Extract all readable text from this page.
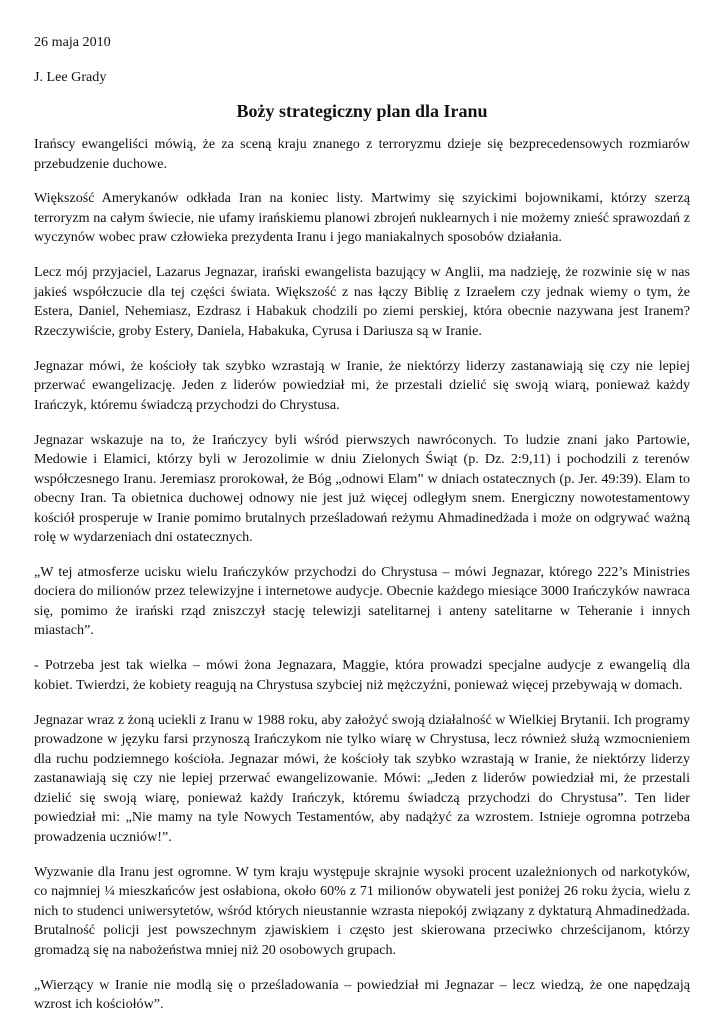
26 maja 2010

J. Lee Grady

Boży strategiczny plan dla Iranu

Irańscy ewangeliści mówią, że za sceną kraju znanego z terroryzmu dzieje się bezprecedensowych rozmiarów przebudzenie duchowe.

Większość Amerykanów odkłada Iran na koniec listy. Martwimy się szyickimi bojownikami, którzy szerzą terroryzm na całym świecie, nie ufamy irańskiemu planowi zbrojeń nuklearnych i nie możemy znieść sprawozdań z wyczynów wobec praw człowieka prezydenta Iranu i jego maniakalnych sposobów działania.

Lecz mój przyjaciel, Lazarus Jegnazar, irański ewangelista bazujący w Anglii, ma nadzieję, że rozwinie się w nas jakieś współczucie dla tej części świata. Większość z nas łączy Biblię z Izraelem czy jednak wiemy o tym, że Estera, Daniel, Nehemiasz, Ezdrasz i Habakuk chodzili po ziemi perskiej, która obecnie nazywana jest Iranem? Rzeczywiście, groby Estery, Daniela, Habakuka, Cyrusa i Dariusza są w Iranie.

Jegnazar mówi, że kościoły tak szybko wzrastają w Iranie, że niektórzy liderzy zastanawiają się czy nie lepiej przerwać ewangelizację. Jeden z liderów powiedział mi, że przestali dzielić się swoją wiarą, ponieważ każdy Irańczyk, któremu świadczą przychodzi do Chrystusa.

Jegnazar wskazuje na to, że Irańczycy byli wśród pierwszych nawróconych. To ludzie znani jako Partowie, Medowie i Elamici, którzy byli w Jerozolimie w dniu Zielonych Świąt (p. Dz. 2:9,11) i pochodzili z terenów współczesnego Iranu. Jeremiasz prorokował, że Bóg „odnowi Elam” w dniach ostatecznych (p. Jer. 49:39). Elam to obecny Iran. Ta obietnica duchowej odnowy nie jest już więcej odległym snem. Energiczny nowotestamentowy kościół prosperuje w Iranie pomimo brutalnych prześladowań reżymu Ahmadinedżada i może on odgrywać ważną rolę w wydarzeniach dni ostatecznych.

„W tej atmosferze ucisku wielu Irańczyków przychodzi do Chrystusa – mówi Jegnazar, którego 222’s Ministries dociera do milionów przez telewizyjne i internetowe audycje. Obecnie każdego miesiące 3000 Irańczyków nawraca się, pomimo że irański rząd zniszczył stację telewizji satelitarnej i anteny satelitarne w Teheranie i innych miastach”.

- Potrzeba jest tak wielka – mówi żona Jegnazara, Maggie, która prowadzi specjalne audycje z ewangelią dla kobiet. Twierdzi, że kobiety reagują na Chrystusa szybciej niż mężczyźni, ponieważ więcej przebywają w domach.

Jegnazar wraz z żoną uciekli z Iranu w 1988 roku, aby założyć swoją działalność w Wielkiej Brytanii. Ich programy prowadzone w języku farsi przynoszą Irańczykom nie tylko wiarę w Chrystusa, lecz również służą wzmocnieniem dla ruchu podziemnego kościoła. Jegnazar mówi, że kościoły tak szybko wzrastają w Iranie, że niektórzy liderzy zastanawiają się czy nie lepiej przerwać ewangelizowanie. Mówi: „Jeden z liderów powiedział mi, że przestali dzielić się swoją wiarę, ponieważ każdy Irańczyk, któremu świadczą przychodzi do Chrystusa”. Ten lider powiedział mi: „Nie mamy na tyle Nowych Testamentów, aby nadążyć za wzrostem. Istnieje ogromna potrzeba prowadzenia uczniów!”.

Wyzwanie dla Iranu jest ogromne. W tym kraju występuje skrajnie wysoki procent uzależnionych od narkotyków, co najmniej ¼ mieszkańców jest osłabiona, około 60% z 71 milionów obywateli jest poniżej 26 roku życia, wielu z nich to studenci uniwersytetów, wśród których nieustannie wzrasta niepokój związany z dyktaturą Ahmadinedżada. Brutalność policji jest powszechnym zjawiskiem i często jest skierowana przeciwko chrześcijanom, którzy gromadzą się na nabożeństwa mniej niż 20 osobowych grupach.

„Wierzący w Iranie nie modlą się o prześladowania – powiedział mi Jegnazar – lecz wiedzą, że one napędzają wzrost ich kościołów”.
